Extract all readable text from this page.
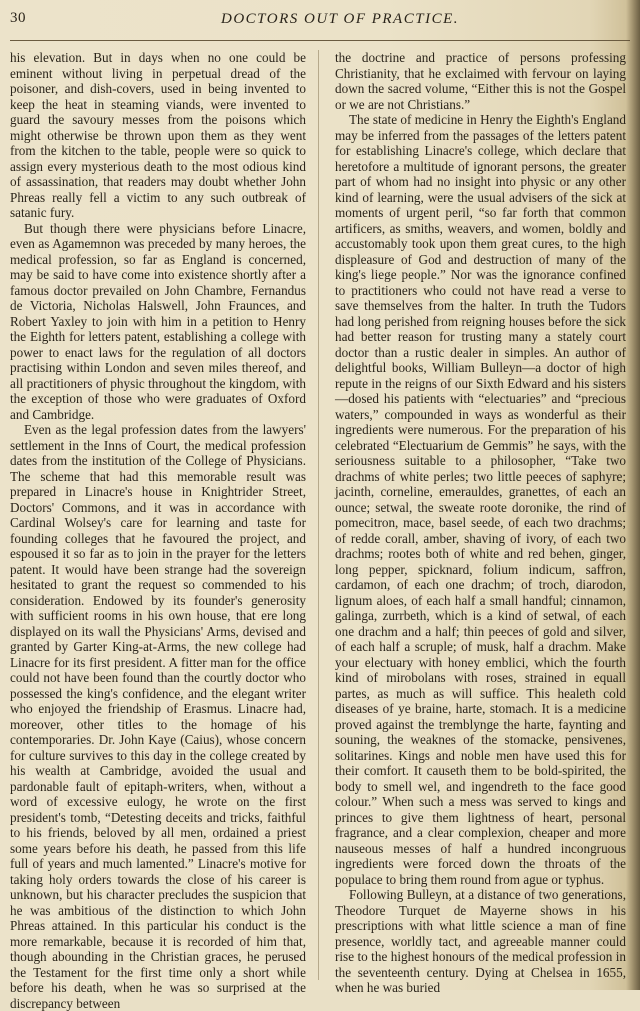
30	DOCTORS OUT OF PRACTICE.

his elevation. But in days when no one could be eminent without living in perpetual dread of the poisoner, and dish-covers, used in being invented to keep the heat in steaming viands, were invented to guard the savoury messes from the poisons which might otherwise be thrown upon them as they went from the kitchen to the table, people were so quick to assign every mysterious death to the most odious kind of assassination, that readers may doubt whether John Phreas really fell a victim to any such outbreak of satanic fury.

But though there were physicians before Linacre, even as Agamemnon was preceded by many heroes, the medical profession, so far as England is concerned, may be said to have come into existence shortly after a famous doctor prevailed on John Chambre, Fernandus de Victoria, Nicholas Halswell, John Fraunces, and Robert Yaxley to join with him in a petition to Henry the Eighth for letters patent, establishing a college with power to enact laws for the regulation of all doctors practising within London and seven miles thereof, and all practitioners of physic throughout the kingdom, with the exception of those who were graduates of Oxford and Cambridge.

Even as the legal profession dates from the lawyers' settlement in the Inns of Court, the medical profession dates from the institution of the College of Physicians. The scheme that had this memorable result was prepared in Linacre's house in Knightrider Street, Doctors' Commons, and it was in accordance with Cardinal Wolsey's care for learning and taste for founding colleges that he favoured the project, and espoused it so far as to join in the prayer for the letters patent. It would have been strange had the sovereign hesitated to grant the request so commended to his consideration. Endowed by its founder's generosity with sufficient rooms in his own house, that ere long displayed on its wall the Physicians' Arms, devised and granted by Garter King-at-Arms, the new college had Linacre for its first president. A fitter man for the office could not have been found than the courtly doctor who possessed the king's confidence, and the elegant writer who enjoyed the friendship of Erasmus. Linacre had, moreover, other titles to the homage of his contemporaries. Dr. John Kaye (Caius), whose concern for culture survives to this day in the college created by his wealth at Cambridge, avoided the usual and pardonable fault of epitaph-writers, when, without a word of excessive eulogy, he wrote on the first president's tomb, “Detesting deceits and tricks, faithful to his friends, beloved by all men, ordained a priest some years before his death, he passed from this life full of years and much lamented.” Linacre's motive for taking holy orders towards the close of his career is unknown, but his character precludes the suspicion that he was ambitious of the distinction to which John Phreas attained. In this particular his conduct is the more remarkable, because it is recorded of him that, though abounding in the Christian graces, he perused the Testament for the first time only a short while before his death, when he was so surprised at the discrepancy between

the doctrine and practice of persons professing Christianity, that he exclaimed with fervour on laying down the sacred volume, “Either this is not the Gospel or we are not Christians.”

The state of medicine in Henry the Eighth's England may be inferred from the passages of the letters patent for establishing Linacre's college, which declare that heretofore a multitude of ignorant persons, the greater part of whom had no insight into physic or any other kind of learning, were the usual advisers of the sick at moments of urgent peril, “so far forth that common artificers, as smiths, weavers, and women, boldly and accustomably took upon them great cures, to the high displeasure of God and destruction of many of the king's liege people.” Nor was the ignorance confined to practitioners who could not have read a verse to save themselves from the halter. In truth the Tudors had long perished from reigning houses before the sick had better reason for trusting many a stately court doctor than a rustic dealer in simples. An author of delightful books, William Bulleyn—a doctor of high repute in the reigns of our Sixth Edward and his sisters—dosed his patients with “electuaries” and “precious waters,” compounded in ways as wonderful as their ingredients were numerous. For the preparation of his celebrated “Electuarium de Gemmis” he says, with the seriousness suitable to a philosopher, “Take two drachms of white perles; two little peeces of saphyre; jacinth, corneline, emerauldes, granettes, of each an ounce; setwal, the sweate roote doronike, the rind of pomecitron, mace, basel seede, of each two drachms; of redde corall, amber, shaving of ivory, of each two drachms; rootes both of white and red behen, ginger, long pepper, spicknard, folium indicum, saffron, cardamon, of each one drachm; of troch, diarodon, lignum aloes, of each half a small handful; cinnamon, galinga, zurrbeth, which is a kind of setwal, of each one drachm and a half; thin peeces of gold and silver, of each half a scruple; of musk, half a drachm. Make your electuary with honey emblici, which the fourth kind of mirobolans with roses, strained in equall partes, as much as will suffice. This healeth cold diseases of ye braine, harte, stomach. It is a medicine proved against the tremblynge the harte, faynting and souning, the weaknes of the stomacke, pensivenes, solitarines. Kings and noble men have used this for their comfort. It causeth them to be bold-spirited, the body to smell wel, and ingendreth to the face good colour.” When such a mess was served to kings and princes to give them lightness of heart, personal fragrance, and a clear complexion, cheaper and more nauseous messes of half a hundred incongruous ingredients were forced down the throats of the populace to bring them round from ague or typhus.

Following Bulleyn, at a distance of two generations, Theodore Turquet de Mayerne shows in his prescriptions with what little science a man of fine presence, worldly tact, and agreeable manner could rise to the highest honours of the medical profession in the seventeenth century. Dying at Chelsea in 1655, when he was buried
